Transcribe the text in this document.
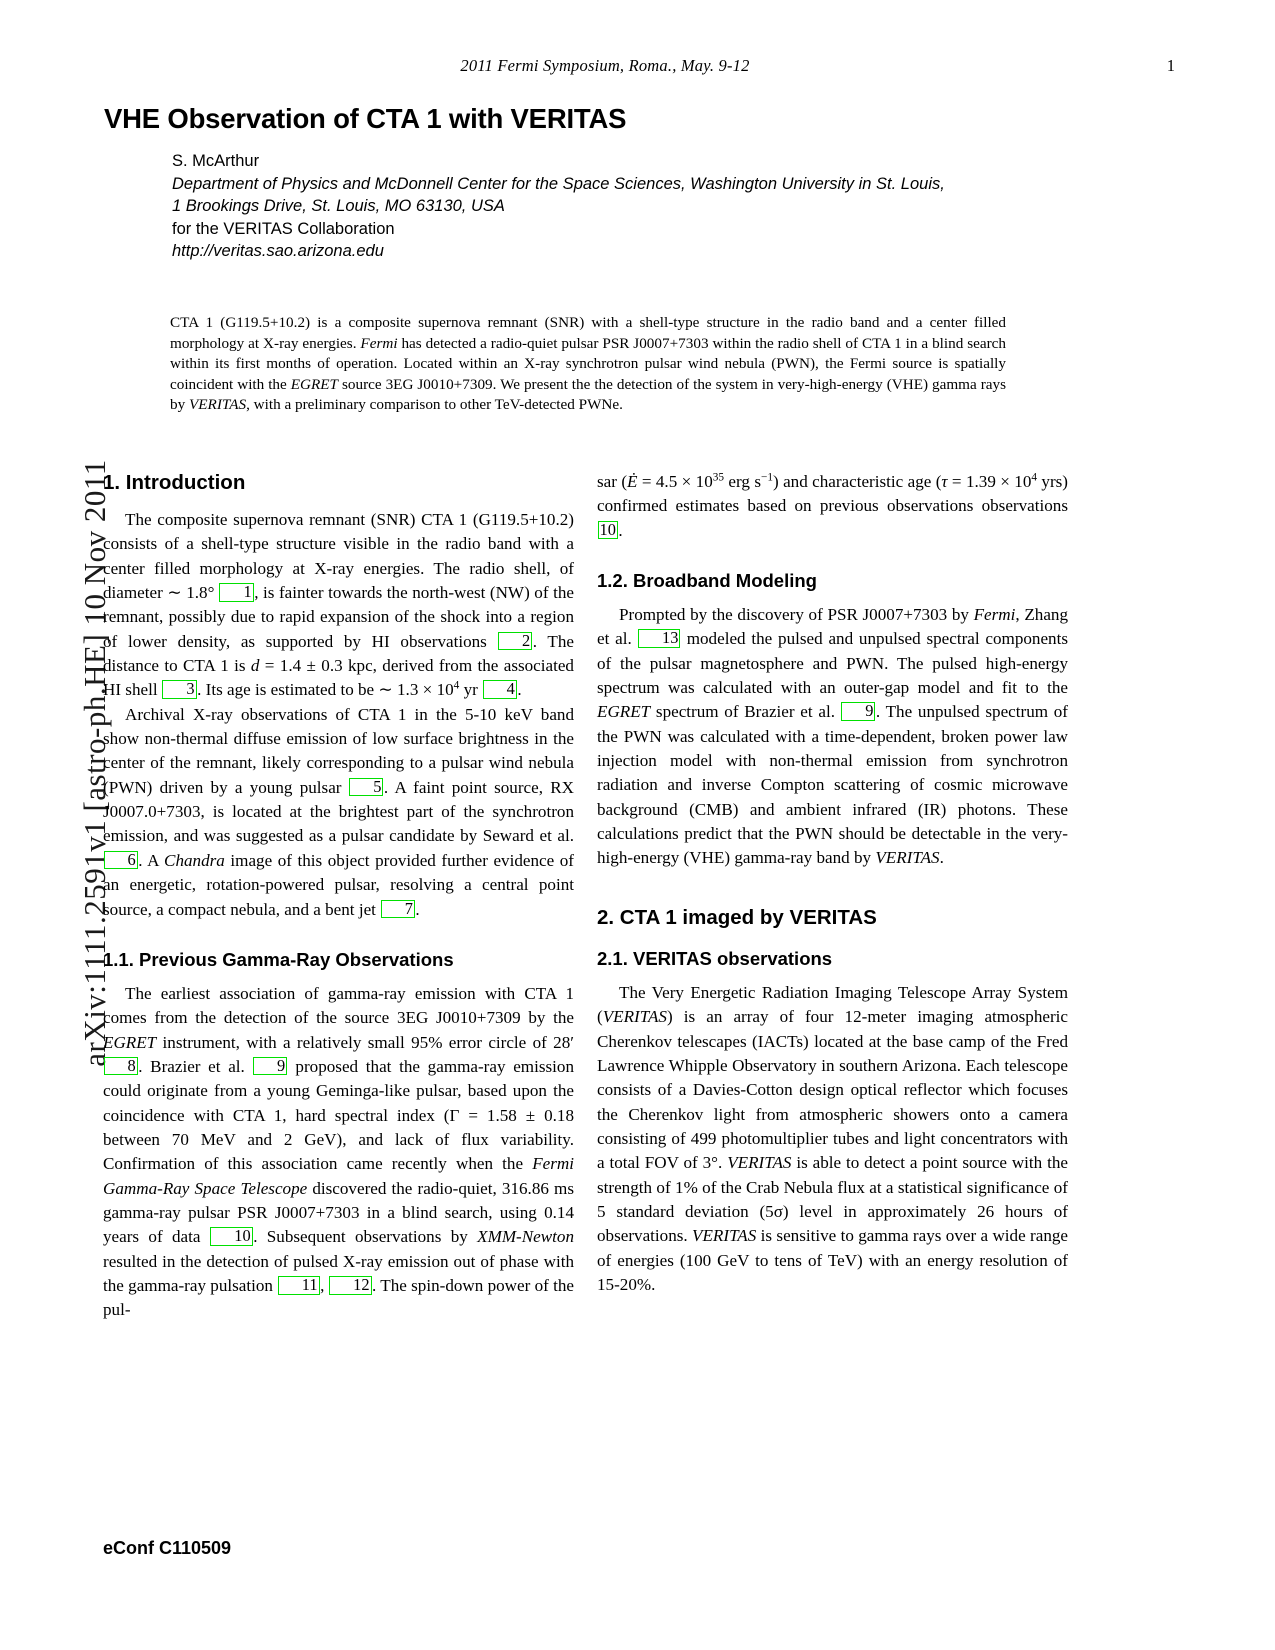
2011 Fermi Symposium, Roma., May. 9-12	1
arXiv:1111.2591v1 [astro-ph.HE] 10 Nov 2011
VHE Observation of CTA 1 with VERITAS
S. McArthur
Department of Physics and McDonnell Center for the Space Sciences, Washington University in St. Louis,
1 Brookings Drive, St. Louis, MO 63130, USA
for the VERITAS Collaboration
http://veritas.sao.arizona.edu
CTA 1 (G119.5+10.2) is a composite supernova remnant (SNR) with a shell-type structure in the radio band and a center filled morphology at X-ray energies. Fermi has detected a radio-quiet pulsar PSR J0007+7303 within the radio shell of CTA 1 in a blind search within its first months of operation. Located within an X-ray synchrotron pulsar wind nebula (PWN), the Fermi source is spatially coincident with the EGRET source 3EG J0010+7309. We present the the detection of the system in very-high-energy (VHE) gamma rays by VERITAS, with a preliminary comparison to other TeV-detected PWNe.
1. Introduction

The composite supernova remnant (SNR) CTA 1 (G119.5+10.2) consists of a shell-type structure visible in the radio band with a center filled morphology at X-ray energies. The radio shell, of diameter ∼ 1.8° 1 , is fainter towards the north-west (NW) of the remnant, possibly due to rapid expansion of the shock into a region of lower density, as supported by HI observations 2 . The distance to CTA 1 is d = 1.4 ± 0.3 kpc, derived from the associated HI shell 3 . Its age is estimated to be ∼ $1.3 \times 10^4$ yr 4 .

Archival X-ray observations of CTA 1 in the 5-10 keV band show non-thermal diffuse emission of low surface brightness in the center of the remnant, likely corresponding to a pulsar wind nebula (PWN) driven by a young pulsar 5 . A faint point source, RX J0007.0+7303, is located at the brightest part of the synchrotron emission, and was suggested as a pulsar candidate by Seward et al. 6 . A Chandra image of this object provided further evidence of an energetic, rotation-powered pulsar, resolving a central point source, a compact nebula, and a bent jet 7 .

1.1. Previous Gamma-Ray Observations

The earliest association of gamma-ray emission with CTA 1 comes from the detection of the source 3EG J0010+7309 by the EGRET instrument, with a relatively small 95% error circle of 28′ 8 . Brazier et al. 9 proposed that the gamma-ray emission could originate from a young Geminga-like pulsar, based upon the coincidence with CTA 1, hard spectral index (Γ = 1.58 ± 0.18 between 70 MeV and 2 GeV), and lack of flux variability. Confirmation of this association came recently when the Fermi Gamma-Ray Space Telescope discovered the radio-quiet, 316.86 ms gamma-ray pulsar PSR J0007+7303 in a blind search, using 0.14 years of data 10 . Subsequent observations by XMM-Newton resulted in the detection of pulsed X-ray emission out of phase with the gamma-ray pulsation 11 , 12 . The spin-down power of the pul-

sar (Ė = $4.5 \times 10^{35}$ erg $s^{-1}$) and characteristic age ($\tau = 1.39 \times 10^4$ yrs) confirmed estimates based on previous observations observations 10 .

1.2. Broadband Modeling

Prompted by the discovery of PSR J0007+7303 by Fermi, Zhang et al. 13 modeled the pulsed and unpulsed spectral components of the pulsar magnetosphere and PWN. The pulsed high-energy spectrum was calculated with an outer-gap model and fit to the EGRET spectrum of Brazier et al. 9 . The unpulsed spectrum of the PWN was calculated with a time-dependent, broken power law injection model with non-thermal emission from synchrotron radiation and inverse Compton scattering of cosmic microwave background (CMB) and ambient infrared (IR) photons. These calculations predict that the PWN should be detectable in the very-high-energy (VHE) gamma-ray band by VERITAS.

2. CTA 1 imaged by VERITAS
2.1. VERITAS observations

The Very Energetic Radiation Imaging Telescope Array System (VERITAS) is an array of four 12-meter imaging atmospheric Cherenkov telescapes (IACTs) located at the base camp of the Fred Lawrence Whipple Observatory in southern Arizona. Each telescope consists of a Davies-Cotton design optical reflector which focuses the Cherenkov light from atmospheric showers onto a camera consisting of 499 photomultiplier tubes and light concentrators with a total FOV of 3°. VERITAS is able to detect a point source with the strength of 1% of the Crab Nebula flux at a statistical significance of 5 standard deviation (5σ) level in approximately 26 hours of observations. VERITAS is sensitive to gamma rays over a wide range of energies (100 GeV to tens of TeV) with an energy resolution of 15-20%.

eConf C110509
